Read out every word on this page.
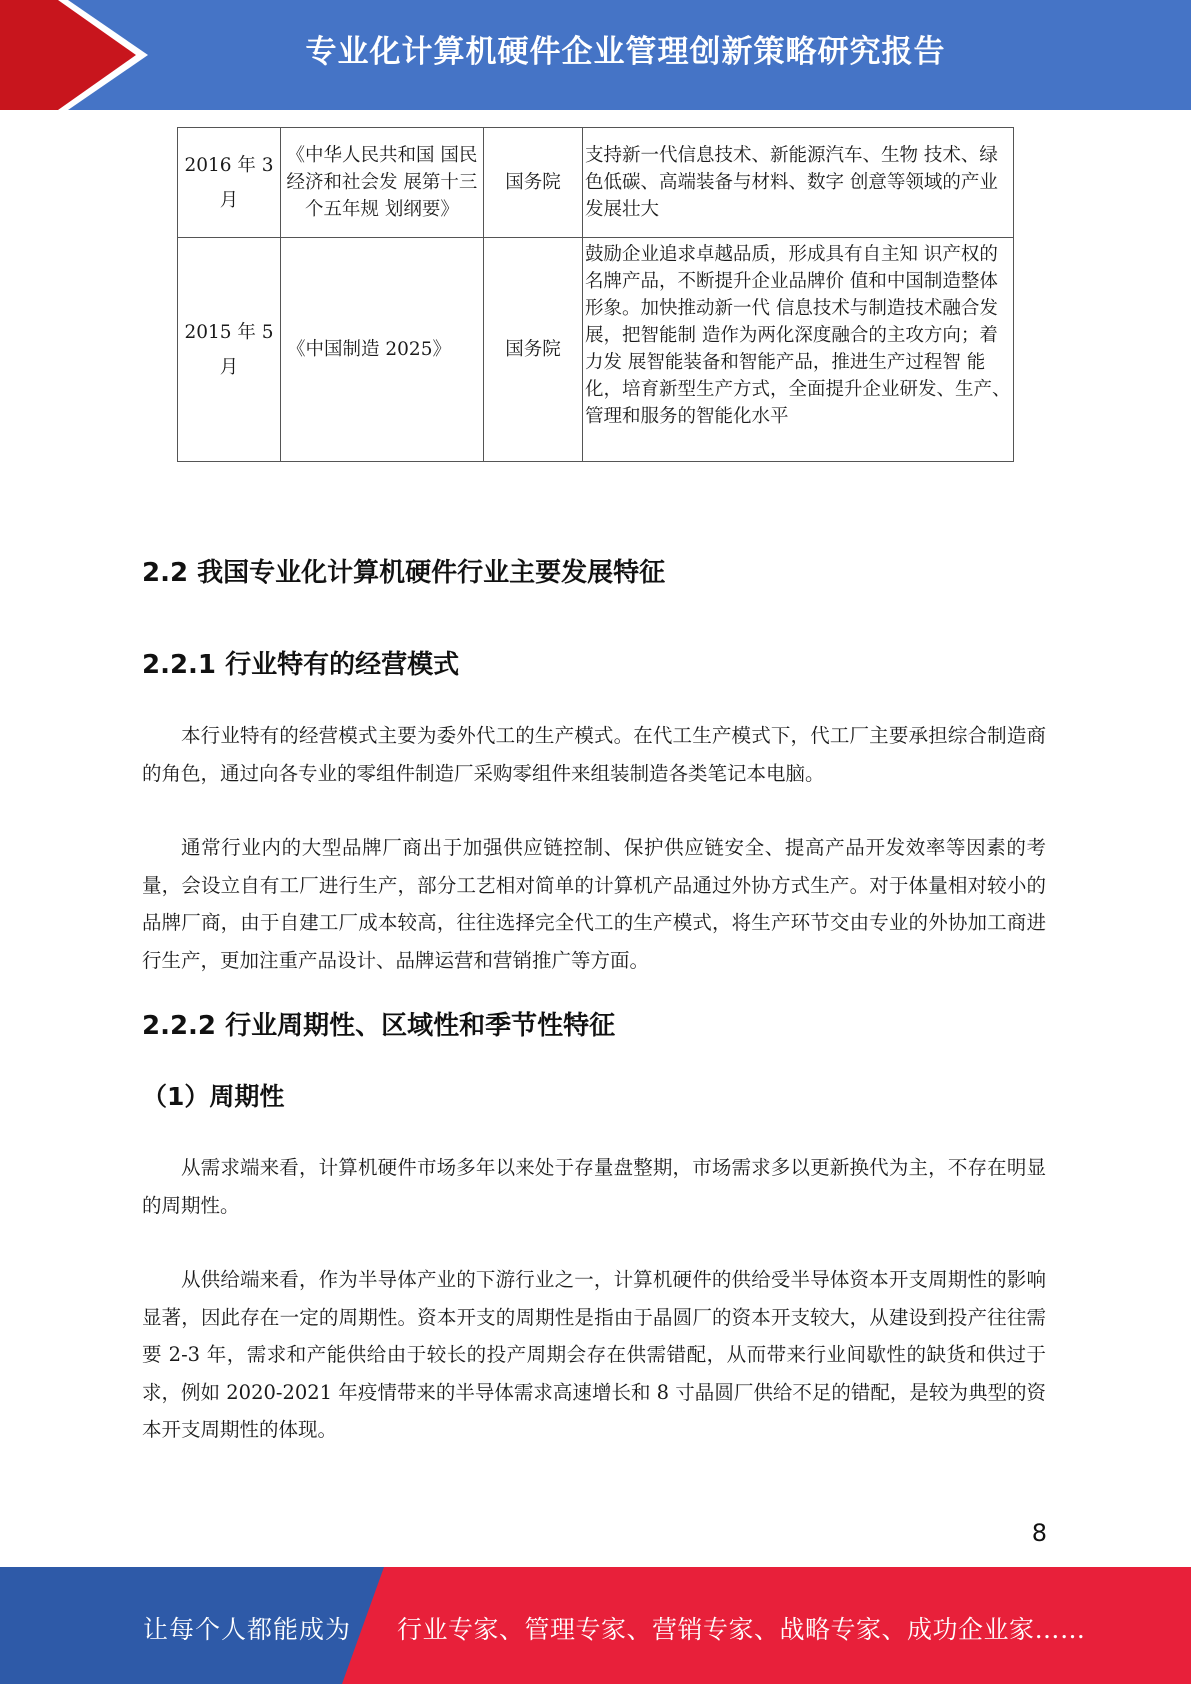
专业化计算机硬件企业管理创新策略研究报告
2016 年 3 月	《中华人民共和国 国民经济和社会发 展第十三个五年规 划纲要》	国务院	支持新一代信息技术、新能源汽车、生物 技术、绿色低碳、高端装备与材料、数字 创意等领域的产业发展壮大
2015 年 5 月	《中国制造 2025》	国务院	鼓励企业追求卓越品质，形成具有自主知 识产权的名牌产品，不断提升企业品牌价 值和中国制造整体形象。加快推动新一代 信息技术与制造技术融合发展，把智能制 造作为两化深度融合的主攻方向；着力发 展智能装备和智能产品，推进生产过程智 能化，培育新型生产方式，全面提升企业研发、生产、管理和服务的智能化水平
2.2 我国专业化计算机硬件行业主要发展特征
2.2.1 行业特有的经营模式

本行业特有的经营模式主要为委外代工的生产模式。在代工生产模式下，代工厂主要承担综合制造商的角色，通过向各专业的零组件制造厂采购零组件来组装制造各类笔记本电脑。

通常行业内的大型品牌厂商出于加强供应链控制、保护供应链安全、提高产品开发效率等因素的考量，会设立自有工厂进行生产，部分工艺相对简单的计算机产品通过外协方式生产。对于体量相对较小的品牌厂商，由于自建工厂成本较高，往往选择完全代工的生产模式，将生产环节交由专业的外协加工商进行生产，更加注重产品设计、品牌运营和营销推广等方面。

2.2.2 行业周期性、区域性和季节性特征
（1）周期性

从需求端来看，计算机硬件市场多年以来处于存量盘整期，市场需求多以更新换代为主，不存在明显的周期性。

从供给端来看，作为半导体产业的下游行业之一，计算机硬件的供给受半导体资本开支周期性的影响显著，因此存在一定的周期性。资本开支的周期性是指由于晶圆厂的资本开支较大，从建设到投产往往需要 2-3 年，需求和产能供给由于较长的投产周期会存在供需错配，从而带来行业间歇性的缺货和供过于求，例如 2020-2021 年疫情带来的半导体需求高速增长和 8 寸晶圆厂供给不足的错配，是较为典型的资本开支周期性的体现。

8
让每个人都能成为 行业专家、管理专家、营销专家、战略专家、成功企业家……
